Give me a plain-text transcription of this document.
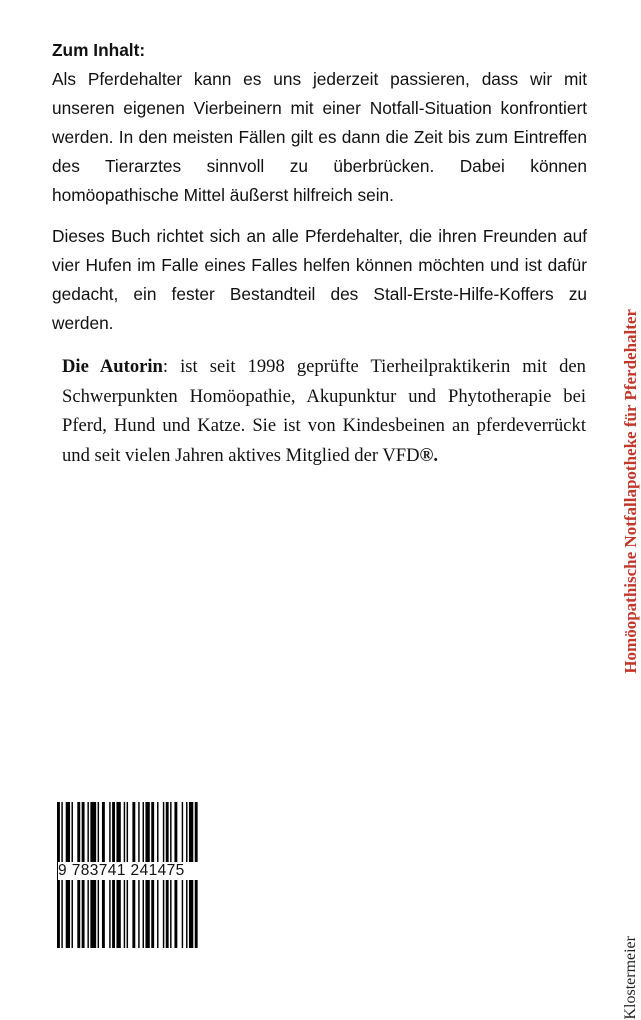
Zum Inhalt:

Als Pferdehalter kann es uns jederzeit passieren, dass wir mit unseren eigenen Vierbeinern mit einer Notfall-Situation konfrontiert werden. In den meisten Fällen gilt es dann die Zeit bis zum Eintreffen des Tierarztes sinnvoll zu überbrücken. Dabei können homöopathische Mittel äußerst hilfreich sein.

Dieses Buch richtet sich an alle Pferdehalter, die ihren Freunden auf vier Hufen im Falle eines Falles helfen können möchten und ist dafür gedacht, ein fester Bestandteil des Stall-Erste-Hilfe-Koffers zu werden.

Die Autorin: ist seit 1998 geprüfte Tierheilpraktikerin mit den Schwerpunkten Homöopathie, Akupunktur und Phytotherapie bei Pferd, Hund und Katze. Sie ist von Kindesbeinen an pferdeverrückt und seit vielen Jahren aktives Mitglied der VFD®.	Homöopathische Notfallapotheke für Pferdehalter
Klostermeier
9 783741 241475
